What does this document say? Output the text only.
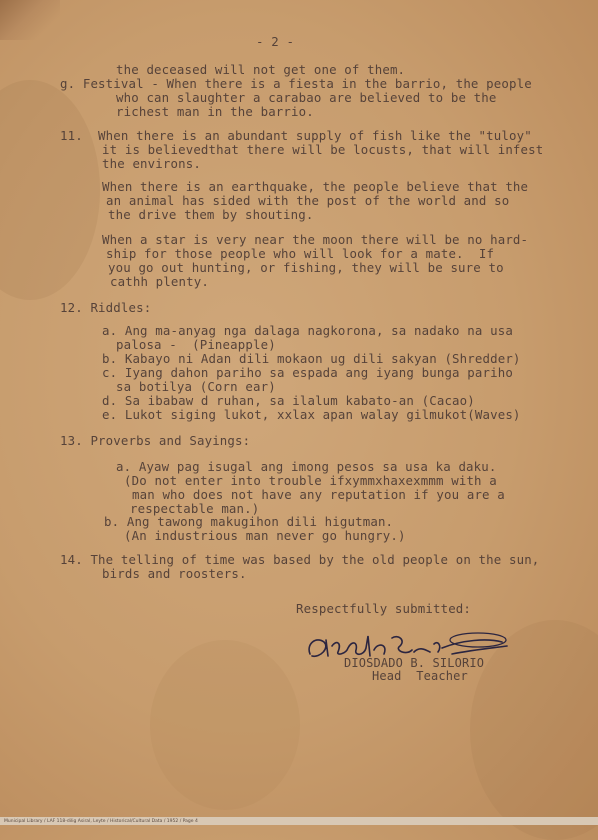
- 2 -
the deceased will not get one of them.
g. Festival - When there is a fiesta in the barrio, the people
who can slaughter a carabao are believed to be the
richest man in the barrio.
11.  When there is an abundant supply of fish like the "tuloy"
it is believedthat there will be locusts, that will infest
the environs.
When there is an earthquake, the people believe that the
an animal has sided with the post of the world and so
the drive them by shouting.
When a star is very near the moon there will be no hard-
ship for those people who will look for a mate.  If
you go out hunting, or fishing, they will be sure to
cathh plenty.
12. Riddles:
a. Ang ma-anyag nga dalaga nagkorona, sa nadako na usa
palosa -  (Pineapple)
b. Kabayo ni Adan dili mokaon ug dili sakyan (Shredder)
c. Iyang dahon pariho sa espada ang iyang bunga pariho
sa botilya (Corn ear)
d. Sa ibabaw d ruhan, sa ilalum kabato-an (Cacao)
e. Lukot siging lukot, xxlax apan walay gilmukot(Waves)
13. Proverbs and Sayings:
a. Ayaw pag isugal ang imong pesos sa usa ka daku.
(Do not enter into trouble ifxymmxhaxexmmm with a
man who does not have any reputation if you are a
respectable man.)
b. Ang tawong makugihon dili higutman.
(An industrious man never go hungry.)
14. The telling of time was based by the old people on the sun,
birds and roosters.
Respectfully submitted:
DIOSDADO B. SILORIO
Head  Teacher
Municipal Library / LAF 118-dilig Asiral, Leyte / Historical/Cultural Data / 1952 / Page 4
